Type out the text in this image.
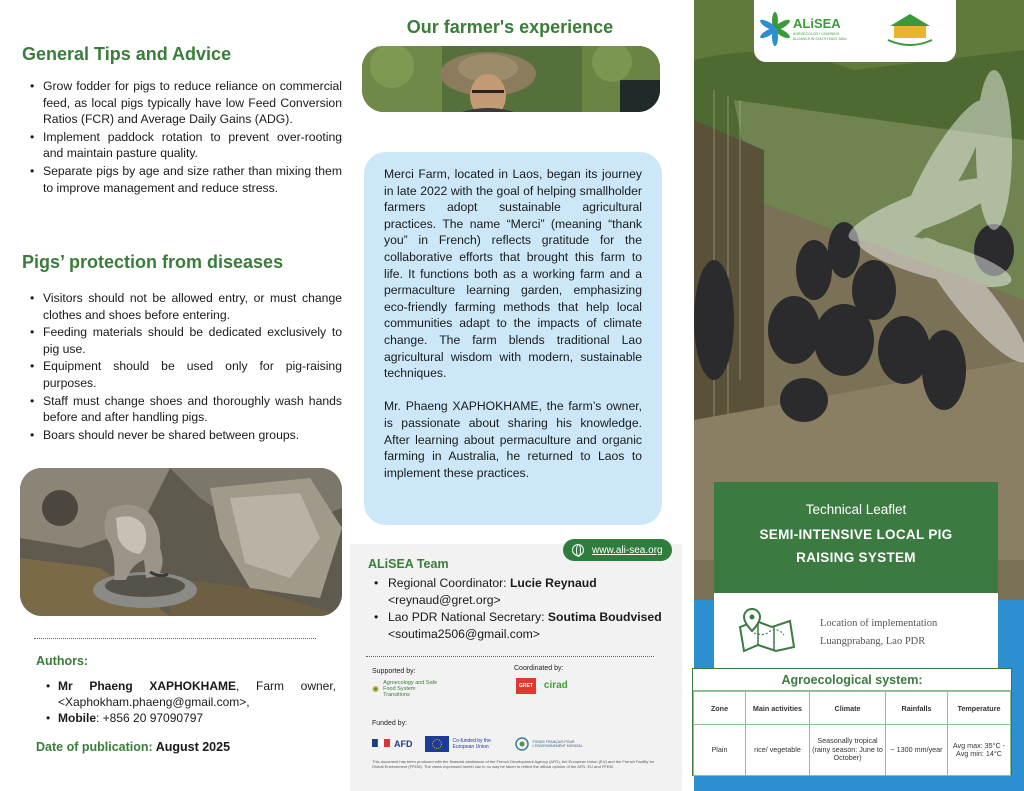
General Tips and Advice
• Grow fodder for pigs to reduce reliance on commercial feed, as local pigs typically have low Feed Conversion Ratios (FCR) and Average Daily Gains (ADG).
• Implement paddock rotation to prevent over-rooting and maintain pasture quality.
• Separate pigs by age and size rather than mixing them to improve management and reduce stress.
Pigs’ protection from diseases
• Visitors should not be allowed entry, or must change clothes and shoes before entering.
• Feeding materials should be dedicated exclusively to pig use.
• Equipment should be used only for pig-raising purposes.
• Staff must change shoes and thoroughly wash hands before and after handling pigs.
• Boars should never be shared between groups.
Authors:
• Mr Phaeng XAPHOKHAME, Farm owner, <Xaphokham.phaeng@gmail.com>,
• Mobile: +856 20 97090797
Date of publication: August 2025
Our farmer's experience

Merci Farm, located in Laos, began its journey in late 2022 with the goal of helping smallholder farmers adopt sustainable agricultural practices. The name “Merci” (meaning “thank you” in French) reflects gratitude for the collaborative efforts that brought this farm to life. It functions both as a working farm and a permaculture learning garden, emphasizing eco-friendly farming methods that help local communities adapt to the impacts of climate change. The farm blends traditional Lao agricultural wisdom with modern, sustainable techniques.

Mr. Phaeng XAPHOKHAME, the farm’s owner, is passionate about sharing his knowledge. After learning about permaculture and organic farming in Australia, he returned to Laos to implement these practices.

www.ali-sea.org
ALiSEA Team
• Regional Coordinator: Lucie Reynaud
<reynaud@gret.org>
• Lao PDR National Secretary: Soutima Boudvised <soutima2506@gmail.com>
Supported by:
Agroecology and Safe Food System Transitions
Coordinated by:
GRET	cirad
Funded by:
AFD	Co-funded by the European Union
FONDS FRANÇAIS POUR L'ENVIRONNEMENT MONDIAL
This document has been produced with the financial assistance of the French Development Agency (AFD), the European Union (EU) and the French Facility for Global Environment (FFEM). The views expressed herein can in no way be taken to reflect the official opinion of the AFD, EU and FFEM.
ALiSEA
AGROECOLOGY LEARNING ALLIANCE IN SOUTH EAST ASIA
Technical Leaflet
SEMI-INTENSIVE LOCAL PIG
RAISING SYSTEM
Location of implementation
Luangprabang, Lao PDR
Agroecological system:
Zone	Main activities	Climate	Rainfalls	Temperature
Plain	rice/ vegetable	Seasonally tropical (rainy season: June to October)	~ 1300 mm/year	Avg max: 35°C - Avg min: 14°C
